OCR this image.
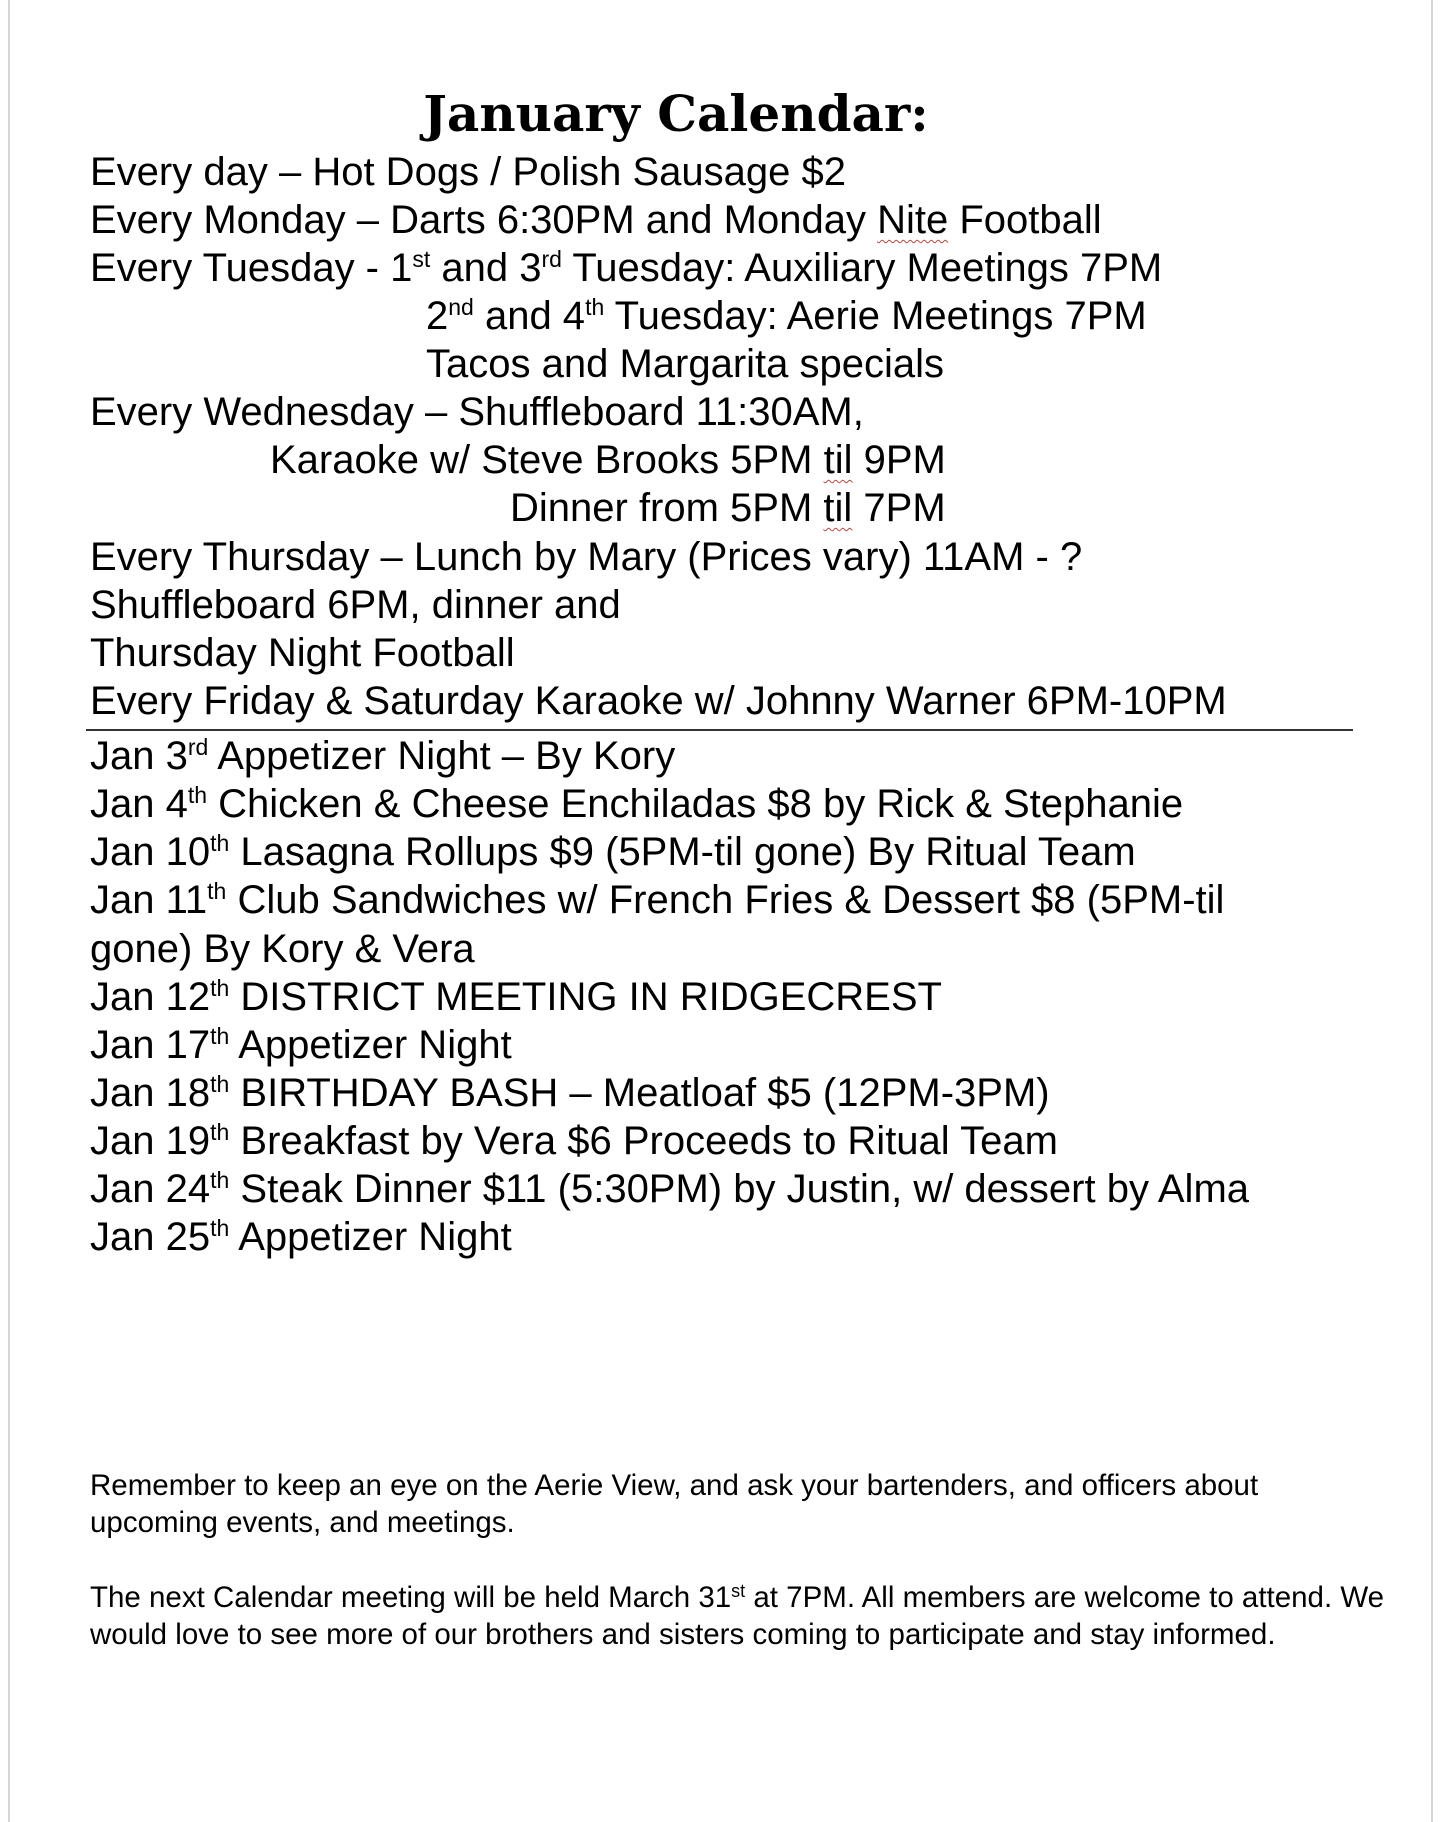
January Calendar:
Every day – Hot Dogs / Polish Sausage $2
Every Monday – Darts 6:30PM and Monday Nite Football
Every Tuesday - 1st and 3rd Tuesday: Auxiliary Meetings 7PM
2nd and 4th Tuesday: Aerie Meetings 7PM
Tacos and Margarita specials
Every Wednesday – Shuffleboard 11:30AM,
Karaoke w/ Steve Brooks 5PM til 9PM
Dinner from 5PM til 7PM
Every Thursday – Lunch by Mary (Prices vary) 11AM - ?
Shuffleboard 6PM, dinner and
Thursday Night Football
Every Friday & Saturday Karaoke w/ Johnny Warner 6PM-10PM
Jan 3rd Appetizer Night – By Kory
Jan 4th Chicken & Cheese Enchiladas $8 by Rick & Stephanie
Jan 10th Lasagna Rollups $9 (5PM-til gone) By Ritual Team
Jan 11th Club Sandwiches w/ French Fries & Dessert $8 (5PM-til
gone) By Kory & Vera
Jan 12th DISTRICT MEETING IN RIDGECREST
Jan 17th Appetizer Night
Jan 18th BIRTHDAY BASH – Meatloaf $5 (12PM-3PM)
Jan 19th Breakfast by Vera $6 Proceeds to Ritual Team
Jan 24th Steak Dinner $11 (5:30PM) by Justin, w/ dessert by Alma
Jan 25th Appetizer Night
Remember to keep an eye on the Aerie View, and ask your bartenders, and officers about upcoming events, and meetings.
The next Calendar meeting will be held March 31st at 7PM. All members are welcome to attend. We would love to see more of our brothers and sisters coming to participate and stay informed.
